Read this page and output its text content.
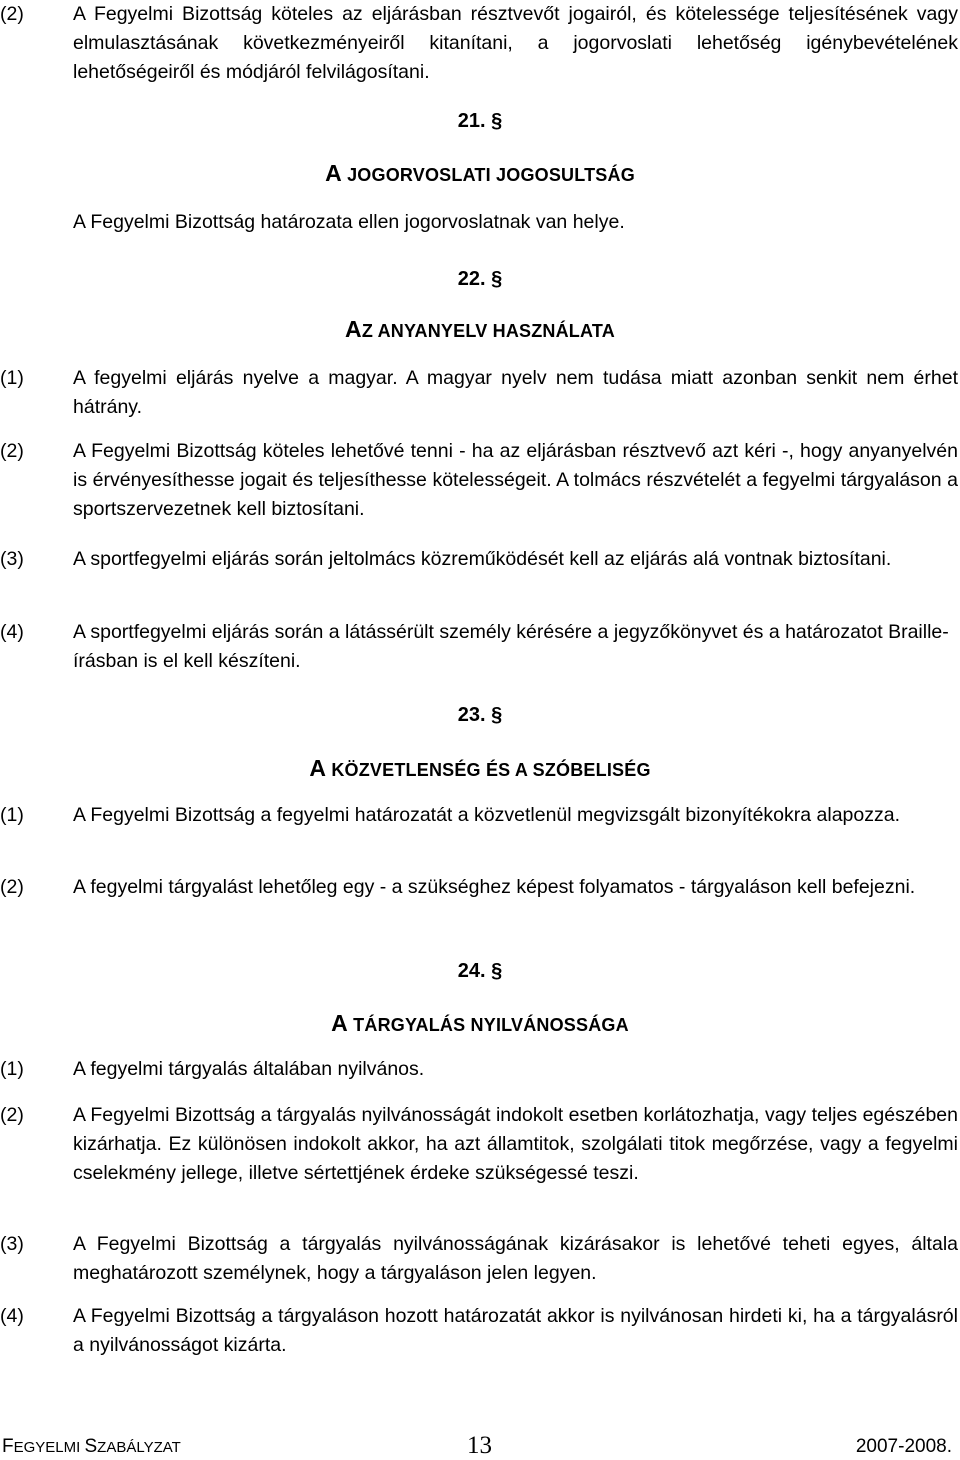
(2)	A Fegyelmi Bizottság köteles az eljárásban résztvevőt jogairól, és kötelessége teljesítésének vagy elmulasztásának következményeiről kitanítani, a jogorvoslati lehetőség igénybevételének lehetőségeiről és módjáról felvilágosítani.
21. §
A JOGORVOSLATI JOGOSULTSÁG
A Fegyelmi Bizottság határozata ellen jogorvoslatnak van helye.
22. §
AZ ANYANYELV HASZNÁLATA
(1)	A fegyelmi eljárás nyelve a magyar. A magyar nyelv nem tudása miatt azonban senkit nem érhet hátrány.
(2)	A Fegyelmi Bizottság köteles lehetővé tenni - ha az eljárásban résztvevő azt kéri -, hogy anyanyelvén is érvényesíthesse jogait és teljesíthesse kötelességeit. A tolmács részvételét a fegyelmi tárgyaláson a sportszervezetnek kell biztosítani.
(3)	A sportfegyelmi eljárás során jeltolmács közreműködését kell az eljárás alá vontnak biztosítani.
(4)	A sportfegyelmi eljárás során a látássérült személy kérésére a jegyzőkönyvet és a határozatot Braille-írásban is el kell készíteni.
23. §
A KÖZVETLENSÉG ÉS A SZÓBELISÉG
(1)	A Fegyelmi Bizottság a fegyelmi határozatát a közvetlenül megvizsgált bizonyítékokra alapozza.
(2)	A fegyelmi tárgyalást lehetőleg egy - a szükséghez képest folyamatos - tárgyaláson kell befejezni.
24. §
A TÁRGYALÁS NYILVÁNOSSÁGA
(1)	A fegyelmi tárgyalás általában nyilvános.
(2)	A Fegyelmi Bizottság a tárgyalás nyilvánosságát indokolt esetben korlátozhatja, vagy teljes egészében kizárhatja. Ez különösen indokolt akkor, ha azt államtitok, szolgálati titok megőrzése, vagy a fegyelmi cselekmény jellege, illetve sértettjének érdeke szükségessé teszi.
(3)	A Fegyelmi Bizottság a tárgyalás nyilvánosságának kizárásakor is lehetővé teheti egyes, általa meghatározott személynek, hogy a tárgyaláson jelen legyen.
(4)	A Fegyelmi Bizottság a tárgyaláson hozott határozatát akkor is nyilvánosan hirdeti ki, ha a tárgyalásról a nyilvánosságot kizárta.
FEGYELMI SZABÁLYZAT	13	2007-2008.
